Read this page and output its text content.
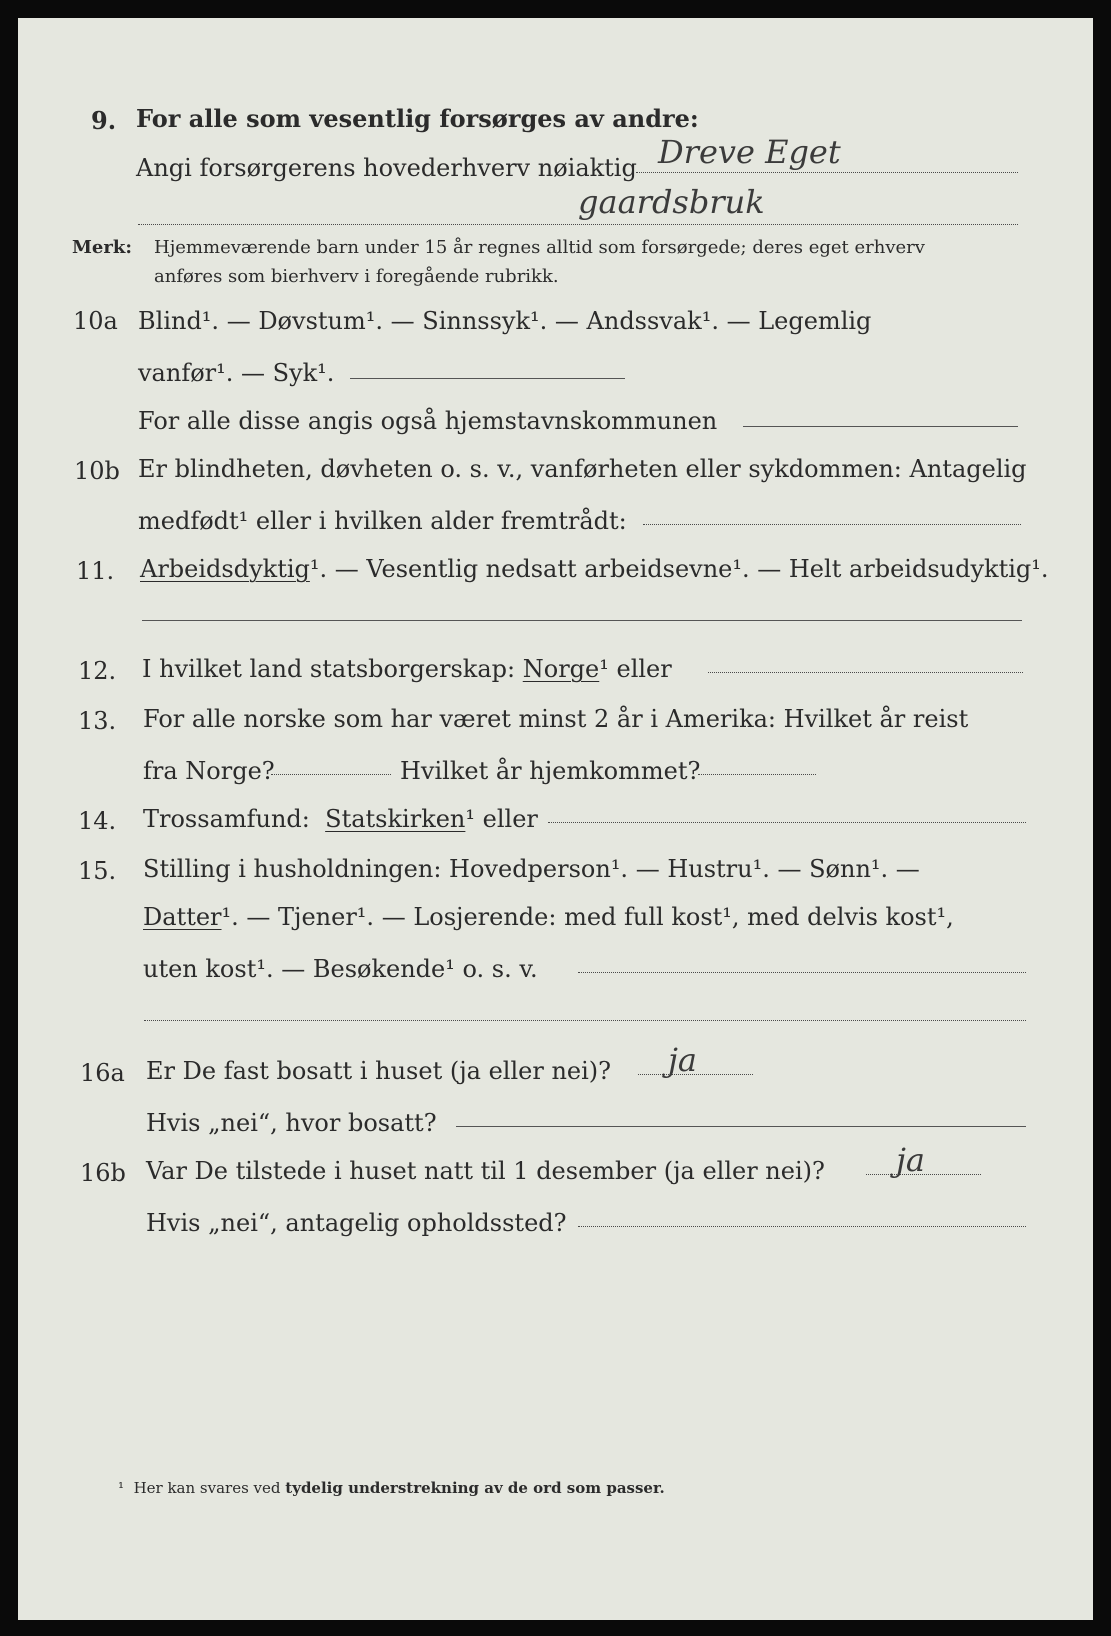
9. For alle som vesentlig forsørges av andre:
Angi forsørgerens hovederhverv nøiaktig Dreve Eget
gaardsbruk
Merk: Hjemmeværende barn under 15 år regnes alltid som forsørgede; deres eget erhverv
anføres som bierhverv i foregående rubrikk.
10a Blind¹. — Døvstum¹. — Sinnssyk¹. — Andssvak¹. — Legemlig
vanfør¹. — Syk¹.
For alle disse angis også hjemstavnskommunen
10b Er blindheten, døvheten o. s. v., vanførheten eller sykdommen: Antagelig
medfødt¹ eller i hvilken alder fremtrådt:
11. Arbeidsdyktig¹. — Vesentlig nedsatt arbeidsevne¹. — Helt arbeidsudyktig¹.
12. I hvilket land statsborgerskap: Norge¹ eller
13. For alle norske som har været minst 2 år i Amerika: Hvilket år reist
fra Norge?	Hvilket år hjemkommet?
14. Trossamfund: Statskirken¹ eller
15. Stilling i husholdningen: Hovedperson¹. — Hustru¹. — Sønn¹. —
Datter¹. — Tjener¹. — Losjerende: med full kost¹, med delvis kost¹,
uten kost¹. — Besøkende¹ o. s. v.
16a Er De fast bosatt i huset (ja eller nei)? ja
Hvis „nei“, hvor bosatt?
16b Var De tilstede i huset natt til 1 desember (ja eller nei)? ja
Hvis „nei“, antagelig opholdssted?
¹ Her kan svares ved tydelig understrekning av de ord som passer.
